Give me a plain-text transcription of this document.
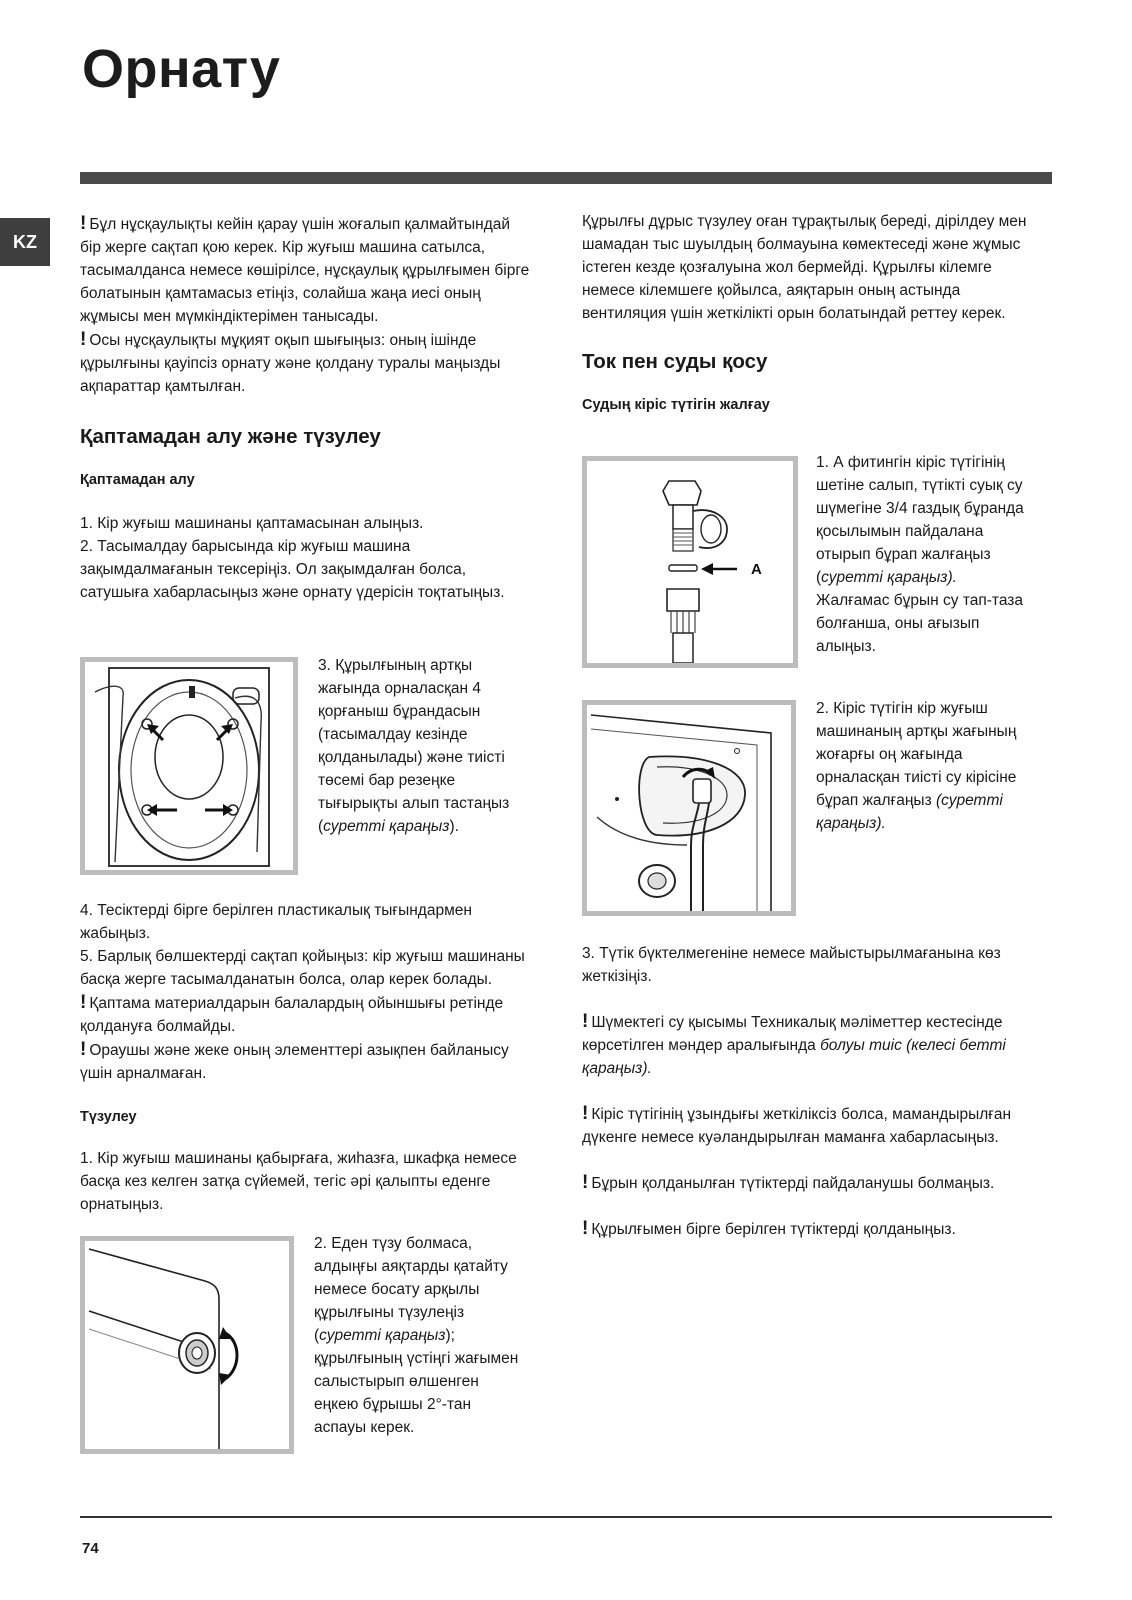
Орнату
KZ

! Бұл нұсқаулықты кейін қарау үшін жоғалып қалмайтындай бір жерге сақтап қою керек. Кір жуғыш машина сатылса, тасымалданса немесе көшірілсе, нұсқаулық құрылғымен бірге болатынын қамтамасыз етіңіз, солайша жаңа иесі оның жұмысы мен мүмкіндіктерімен танысады.

! Осы нұсқаулықты мұқият оқып шығыңыз: оның ішінде құрылғыны қауіпсіз орнату және қолдану туралы маңызды ақпараттар қамтылған.

Қаптамадан алу және түзулеу
Қаптамадан алу

1. Кір жуғыш машинаны қаптамасынан алыңыз.

2. Тасымалдау барысында кір жуғыш машина зақымдалмағанын тексеріңіз. Ол зақымдалған болса, сатушыға хабарласыңыз және орнату үдерісін тоқтатыңыз.

3. Құрылғының артқы жағында орналасқан 4 қорғаныш бұрандасын (тасымалдау кезінде қолданылады) және тиісті төсемі бар резеңке тығырықты алып тастаңыз (суретті қараңыз).

4. Тесіктерді бірге берілген пластикалық тығындармен жабыңыз.

5. Барлық бөлшектерді сақтап қойыңыз: кір жуғыш машинаны басқа жерге тасымалданатын болса, олар керек болады.

! Қаптама материалдарын балалардың ойыншығы ретінде қолдануға болмайды.

! Ораушы және жеке оның элементтері азықпен байланысу үшін арналмаған.

Түзулеу

1. Кір жуғыш машинаны қабырғаға, жиһазға, шкафқа немесе басқа кез келген затқа сүйемей, тегіс әрі қалыпты еденге орнатыңыз.

2. Еден түзу болмаса, алдыңғы аяқтарды қатайту немесе босату арқылы құрылғыны түзулеңіз (суретті қараңыз); құрылғының үстіңгі жағымен салыстырып өлшенген еңкею бұрышы 2°-тан аспауы керек.

Құрылғы дұрыс түзулеу оған тұрақтылық береді, дірілдеу мен шамадан тыс шуылдың болмауына көмектеседі және жұмыс істеген кезде қозғалуына жол бермейді. Құрылғы кілемге немесе кілемшеге қойылса, аяқтарын оның астында вентиляция үшін жеткілікті орын болатындай реттеу керек.

Ток пен суды қосу
Судың кіріс түтігін жалғау
A

1. А фитингін кіріс түтігінің шетіне салып, түтікті суық су шүмегіне 3/4 газдық бұранда қосылымын пайдалана отырып бұрап жалғаңыз (суретті қараңыз).

Жалғамас бұрын су тап-таза болғанша, оны ағызып алыңыз.

2. Кіріс түтігін кір жуғыш машинаның артқы жағының жоғарғы оң жағында орналасқан тиісті су кірісіне бұрап жалғаңыз (суретті қараңыз).

3. Түтік бүктелмегеніне немесе майыстырылмағанына көз жеткізіңіз.

! Шүмектегі су қысымы Техникалық мәліметтер кестесінде көрсетілген мәндер аралығында болуы тиіс (келесі бетті қараңыз).

! Кіріс түтігінің ұзындығы жеткіліксіз болса, мамандырылған дүкенге немесе куәландырылған маманға хабарласыңыз.

! Бұрын қолданылған түтіктерді пайдаланушы болмаңыз.

! Құрылғымен бірге берілген түтіктерді қолданыңыз.

74
